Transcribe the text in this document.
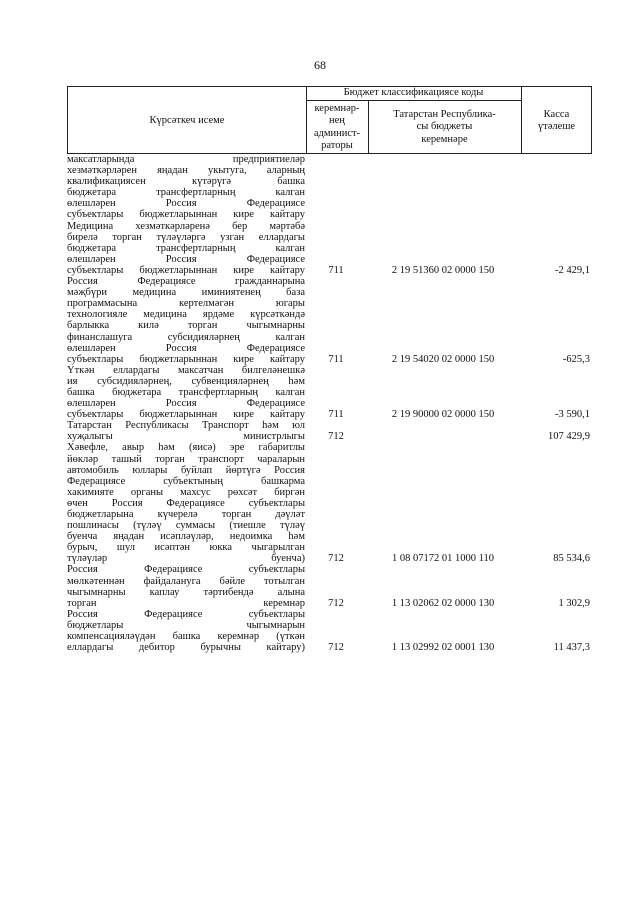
68
Күрсәткеч исеме
Бюджет классификациясе коды
керемнәр-
нең
админист-
раторы
Татарстан Республика-
сы бюджеты
керемнәре
Касса
үтәлеше
максатларында предприятиеләр
хезмәткәрләрен яңадан укытуга, аларның
квалификациясен күтәрүгә башка
бюджетара трансфертларның калган
өлешләрен Россия Федерациясе
субъектлары бюджетларыннан кире кайтару
Медицина хезмәткәрләренә бер мәртәбә
бирелә торган түләүләргә узган еллардагы
бюджетара трансфертларның калган
өлешләрен Россия Федерациясе
субъектлары бюджетларыннан кире кайтару	711	2 19 51360 02 0000 150	-2 429,1
Россия Федерациясе гражданнарына
мәҗбүри медицина иминиятенең база
программасына кертелмәгән югары
технологияле медицина ярдәме күрсәткәндә
барлыкка килә торган чыгымнарны
финанслашуга субсидияләрнең калган
өлешләрен Россия Федерациясе
субъектлары бюджетларыннан кире кайтару	711	2 19 54020 02 0000 150	-625,3
Үткән еллардагы максатчан билгеләнешкә
ия субсидияләрнең, субвенцияләрнең һәм
башка бюджетара трансфертларның калган
өлешләрен Россия Федерациясе
субъектлары бюджетларыннан кире кайтару	711	2 19 90000 02 0000 150	-3 590,1
Татарстан Республикасы Транспорт һәм юл
хуҗалыгы министрлыгы	712	107 429,9
Хәвефле, авыр һәм (яисә) эре габаритлы
йөкләр ташый торган транспорт чараларын
автомобиль юллары буйлап йөртүгә Россия
Федерациясе субъектының башкарма
хакимияте органы махсус рөхсәт биргән
өчен Россия Федерациясе субъектлары
бюджетларына күчерелә торган дәүләт
пошлинасы (түләү суммасы (тиешле түләү
буенча яңадан исәпләүләр, недоимка һәм
бурыч, шул исәптән юкка чыгарылган
түләүләр буенча)	712	1 08 07172 01 1000 110	85 534,6
Россия Федерациясе субъектлары
мөлкәтеннән файдалануга бәйле тотылган
чыгымнарны каплау тәртибендә алына
торган керемнәр	712	1 13 02062 02 0000 130	1 302,9
Россия Федерациясе субъектлары
бюджетлары чыгымнарын
компенсацияләүдән башка керемнәр (үткән
еллардагы дебитор бурычны кайтару)	712	1 13 02992 02 0001 130	11 437,3
